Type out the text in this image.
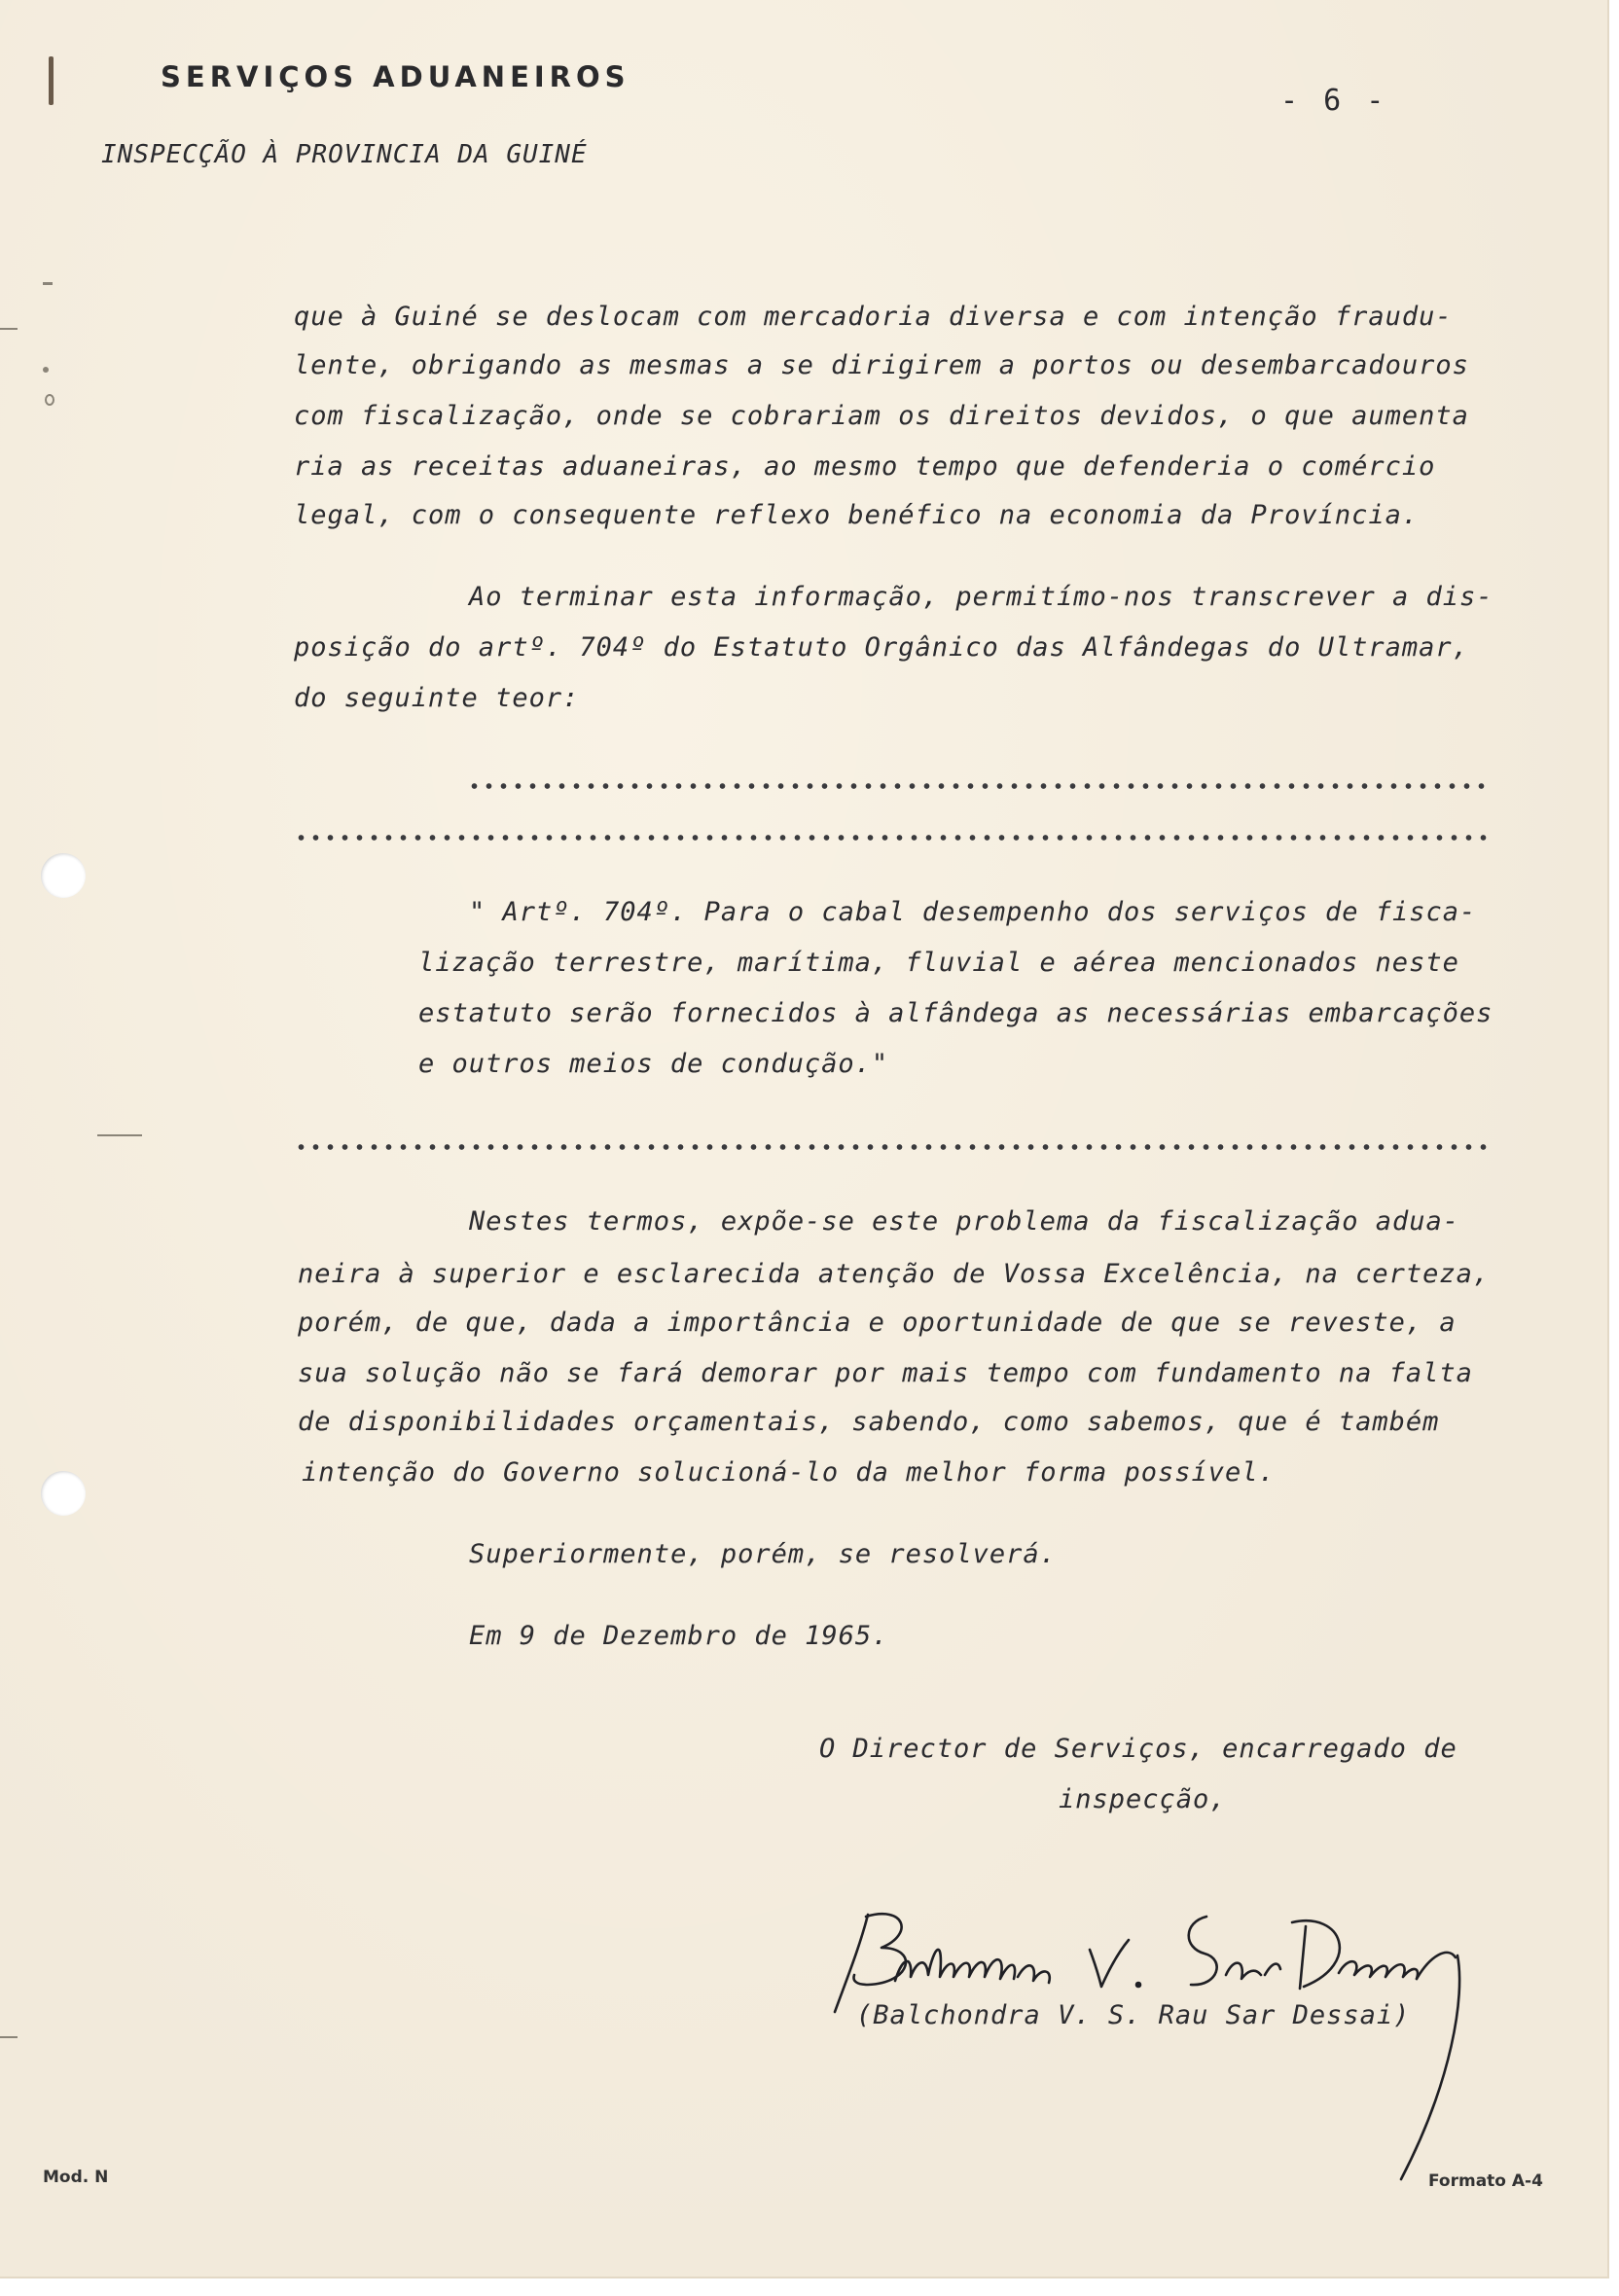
SERVIÇOS ADUANEIROS

- 6 -

INSPECÇÃO À PROVINCIA DA GUINÉ

que à Guiné se deslocam com mercadoria diversa e com intenção fraudu-

lente, obrigando as mesmas a se dirigirem a portos ou desembarcadouros

com fiscalização, onde se cobrariam os direitos devidos, o que aumenta

ria as receitas aduaneiras, ao mesmo tempo que defenderia o comércio

legal, com o consequente reflexo benéfico na economia da Província.

Ao terminar esta informação, permitímo-nos transcrever a dis-

posição do artº. 704º do Estatuto Orgânico das Alfândegas do Ultramar,

do seguinte teor:

" Artº. 704º. Para o cabal desempenho dos serviços de fisca-

lização terrestre, marítima, fluvial e aérea mencionados neste

estatuto serão fornecidos à alfândega as necessárias embarcações

e outros meios de condução."

Nestes termos, expõe-se este problema da fiscalização adua-

neira à superior e esclarecida atenção de Vossa Excelência, na certeza,

porém, de que, dada a importância e oportunidade de que se reveste, a

sua solução não se fará demorar por mais tempo com fundamento na falta

de disponibilidades orçamentais, sabendo, como sabemos, que é também

intenção do Governo solucioná-lo da melhor forma possível.

Superiormente, porém, se resolverá.

Em 9 de Dezembro de 1965.

O Director de Serviços, encarregado de

inspecção,

(Balchondra V. S. Rau Sar Dessai)

Mod. N	Formato A-4
